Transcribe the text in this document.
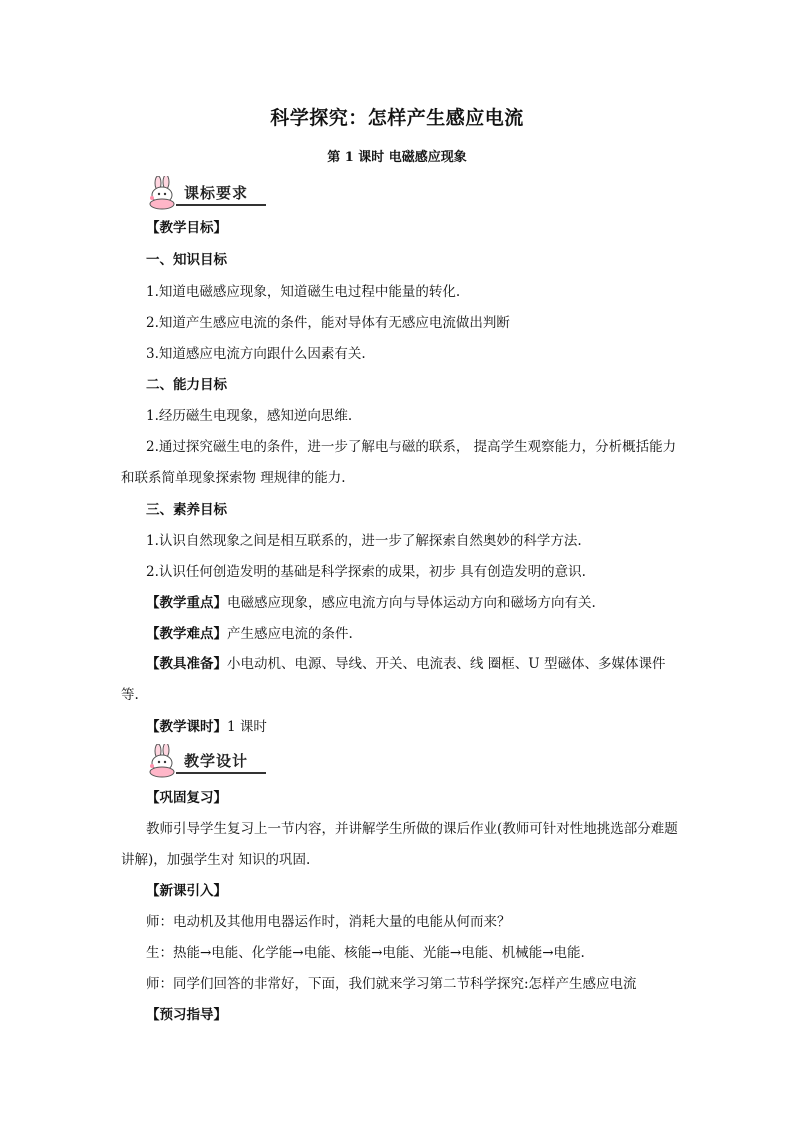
科学探究：怎样产生感应电流
第 1 课时 电磁感应现象
课标要求
【教学目标】
一、知识目标
1.知道电磁感应现象，知道磁生电过程中能量的转化.
2.知道产生感应电流的条件，能对导体有无感应电流做出判断
3.知道感应电流方向跟什么因素有关.
二、能力目标
1.经历磁生电现象，感知逆向思维.
2.通过探究磁生电的条件，进一步了解电与磁的联系， 提高学生观察能力，分析概括能力和联系简单现象探索物 理规律的能力.
三、素养目标
1.认识自然现象之间是相互联系的，进一步了解探索自然奥妙的科学方法.
2.认识任何创造发明的基础是科学探索的成果，初步 具有创造发明的意识.
【教学重点】电磁感应现象，感应电流方向与导体运动方向和磁场方向有关.
【教学难点】产生感应电流的条件.
【教具准备】小电动机、电源、导线、开关、电流表、线 圈框、U 型磁体、多媒体课件等.
【教学课时】1 课时
教学设计
【巩固复习】
教师引导学生复习上一节内容，并讲解学生所做的课后作业(教师可针对性地挑选部分难题讲解)，加强学生对 知识的巩固.
【新课引入】
师：电动机及其他用电器运作时，消耗大量的电能从何而来？
生：热能→电能、化学能→电能、核能→电能、光能→电能、机械能→电能.
师：同学们回答的非常好，下面，我们就来学习第二节科学探究:怎样产生感应电流
【预习指导】
